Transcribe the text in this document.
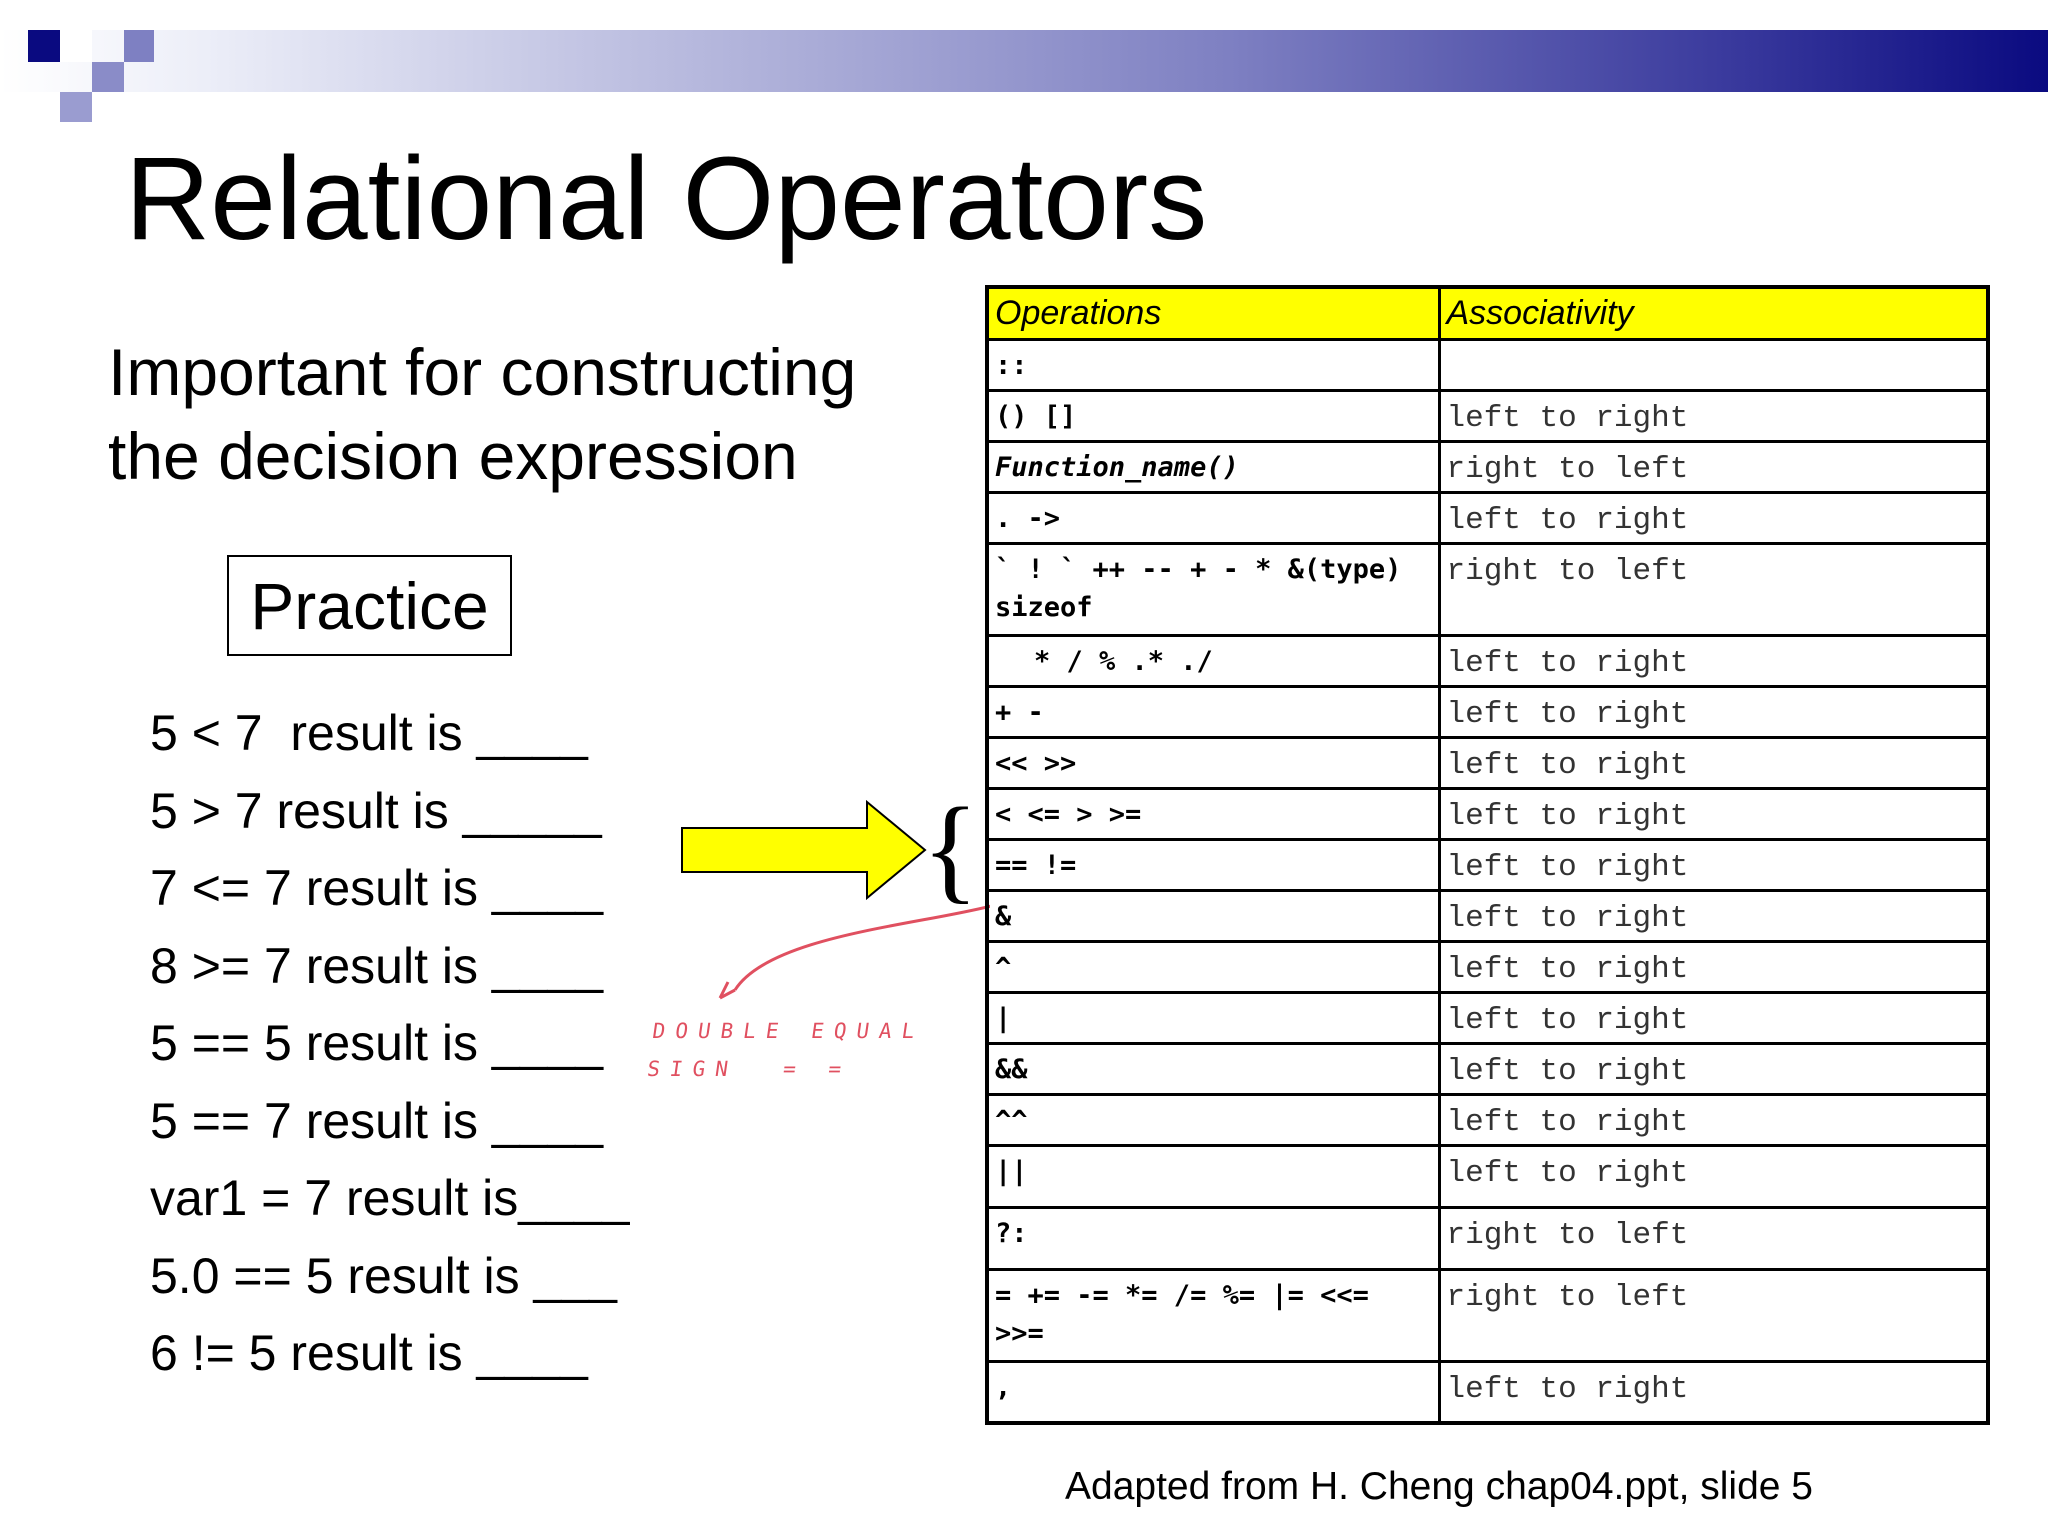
Relational Operators
Important for constructing
the decision expression
Practice
5 < 7  result is ____
5 > 7 result is _____
7 <= 7 result is ____
8 >= 7 result is ____
5 == 5 result is ____
5 == 7 result is ____
var1 = 7 result is____
5.0 == 5 result is ___
6 != 5 result is ____
{
DOUBLE EQUAL
SIGN  = =
Operations	Associativity
::	
() []	left to right
Function_name()	right to left
. ->	left to right
` ! ` ++ -- + - * &(type) sizeof	right to left
* / % .* ./	left to right
+ -	left to right
<< >>	left to right
< <= > >=	left to right
== !=	left to right
&	left to right
^	left to right
|	left to right
&&	left to right
^^	left to right
||	left to right
?:	right to left
= += -= *= /= %= |= <<= >>=	right to left
,	left to right
Adapted from H. Cheng chap04.ppt, slide 5
